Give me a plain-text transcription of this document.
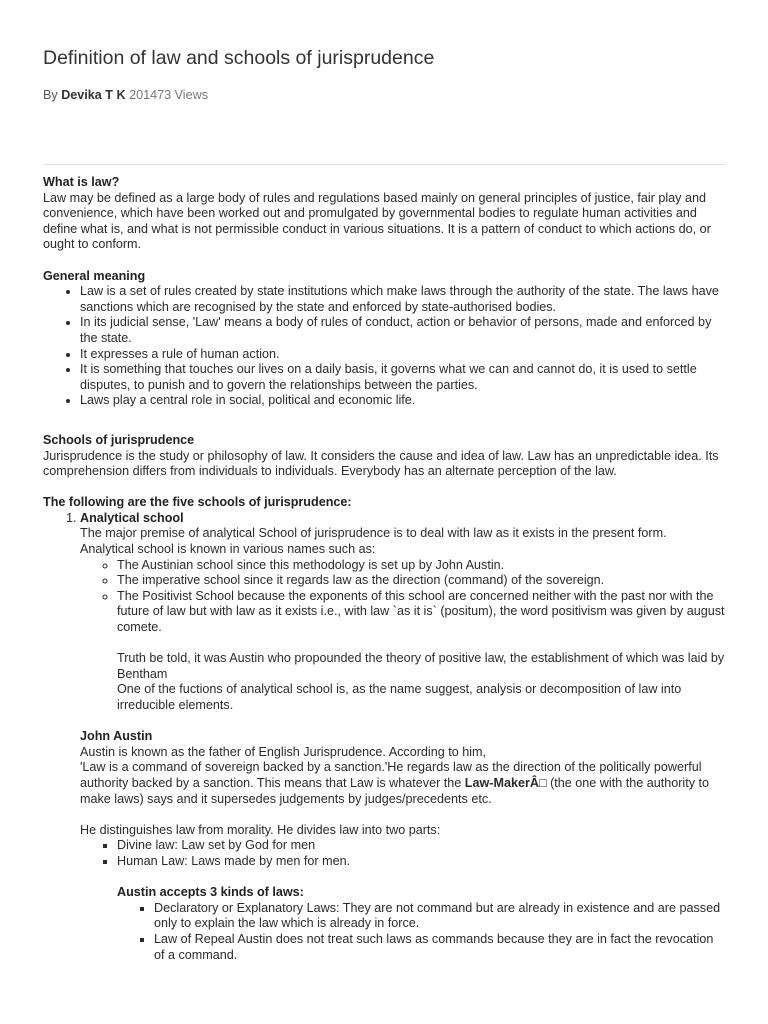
Definition of law and schools of jurisprudence
By Devika T K 201473 Views

What is law?

Law may be defined as a large body of rules and regulations based mainly on general principles of justice, fair play and convenience, which have been worked out and promulgated by governmental bodies to regulate human activities and define what is, and what is not permissible conduct in various situations. It is a pattern of conduct to which actions do, or ought to conform.

General meaning

• Law is a set of rules created by state institutions which make laws through the authority of the state. The laws have sanctions which are recognised by the state and enforced by state-authorised bodies.
• In its judicial sense, 'Law' means a body of rules of conduct, action or behavior of persons, made and enforced by the state.
• It expresses a rule of human action.
• It is something that touches our lives on a daily basis, it governs what we can and cannot do, it is used to settle disputes, to punish and to govern the relationships between the parties.
• Laws play a central role in social, political and economic life.

Schools of jurisprudence

Jurisprudence is the study or philosophy of law. It considers the cause and idea of law. Law has an unpredictable idea. Its comprehension differs from individuals to individuals. Everybody has an alternate perception of the law.

The following are the five schools of jurisprudence:

1. Analytical school

The major premise of analytical School of jurisprudence is to deal with law as it exists in the present form.

Analytical school is known in various names such as:

◦ The Austinian school since this methodology is set up by John Austin.
◦ The imperative school since it regards law as the direction (command) of the sovereign.
◦ The Positivist School because the exponents of this school are concerned neither with the past nor with the future of law but with law as it exists i.e., with law `as it is` (positum), the word positivism was given by august comete.

Truth be told, it was Austin who propounded the theory of positive law, the establishment of which was laid by Bentham

One of the fuctions of analytical school is, as the name suggest, analysis or decomposition of law into irreducible elements.

John Austin

Austin is known as the father of English Jurisprudence. According to him,

'Law is a command of sovereign backed by a sanction.'He regards law as the direction of the politically powerful authority backed by a sanction. This means that Law is whatever the Law-MakerÂ□ (the one with the authority to make laws) says and it supersedes judgements by judges/precedents etc.

He distinguishes law from morality. He divides law into two parts:

▪ Divine law: Law set by God for men
▪ Human Law: Laws made by men for men.

Austin accepts 3 kinds of laws:

▪ Declaratory or Explanatory Laws: They are not command but are already in existence and are passed only to explain the law which is already in force.
▪ Law of Repeal Austin does not treat such laws as commands because they are in fact the revocation of a command.
